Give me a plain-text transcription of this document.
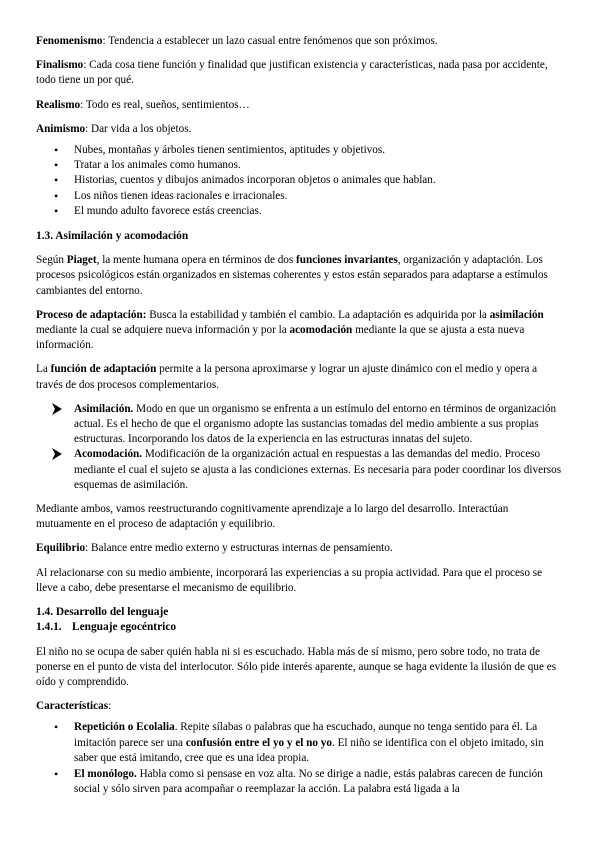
Fenomenismo: Tendencia a establecer un lazo casual entre fenómenos que son próximos.

Finalismo: Cada cosa tiene función y finalidad que justifican existencia y características, nada pasa por accidente, todo tiene un por qué.

Realismo: Todo es real, sueños, sentimientos…

Animismo: Dar vida a los objetos.

• Nubes, montañas y árboles tienen sentimientos, aptitudes y objetivos.
• Tratar a los animales como humanos.
• Historias, cuentos y dibujos animados incorporan objetos o animales que hablan.
• Los niños tienen ideas racionales e irracionales.
• El mundo adulto favorece estás creencias.
1.3. Asimilación y acomodación

Según Piaget, la mente humana opera en términos de dos funciones invariantes, organización y adaptación. Los procesos psicológicos están organizados en sistemas coherentes y estos están separados para adaptarse a estímulos cambiantes del entorno.

Proceso de adaptación: Busca la estabilidad y también el cambio. La adaptación es adquirida por la asimilación mediante la cual se adquiere nueva información y por la acomodación mediante la que se ajusta a esta nueva información.

La función de adaptación permite a la persona aproximarse y lograr un ajuste dinámico con el medio y opera a través de dos procesos complementarios.

Asimilación. Modo en que un organismo se enfrenta a un estímulo del entorno en términos de organización actual. Es el hecho de que el organismo adopte las sustancias tomadas del medio ambiente a sus propias estructuras. Incorporando los datos de la experiencia en las estructuras innatas del sujeto.
Acomodación. Modificación de la organización actual en respuestas a las demandas del medio. Proceso mediante el cual el sujeto se ajusta a las condiciones externas. Es necesaria para poder coordinar los diversos esquemas de asimilación.

Mediante ambos, vamos reestructurando cognitivamente aprendizaje a lo largo del desarrollo. Interactúan mutuamente en el proceso de adaptación y equilibrio.

Equilibrio: Balance entre medio externo y estructuras internas de pensamiento.

Al relacionarse con su medio ambiente, incorporará las experiencias a su propia actividad. Para que el proceso se lleve a cabo, debe presentarse el mecanismo de equilibrio.

1.4. Desarrollo del lenguaje
1.4.1. Lenguaje egocéntrico

El niño no se ocupa de saber quién habla ni si es escuchado. Habla más de sí mismo, pero sobre todo, no trata de ponerse en el punto de vista del interlocutor. Sólo pide interés aparente, aunque se haga evidente la ilusión de que es oído y comprendido.

Características:

• Repetición o Ecolalia. Repite sílabas o palabras que ha escuchado, aunque no tenga sentido para él. La imitación parece ser una confusión entre el yo y el no yo. El niño se identifica con el objeto imitado, sin saber que está imitando, cree que es una idea propia.
• El monólogo. Habla como si pensase en voz alta. No se dirige a nadie, estás palabras carecen de función social y sólo sirven para acompañar o reemplazar la acción. La palabra está ligada a la
